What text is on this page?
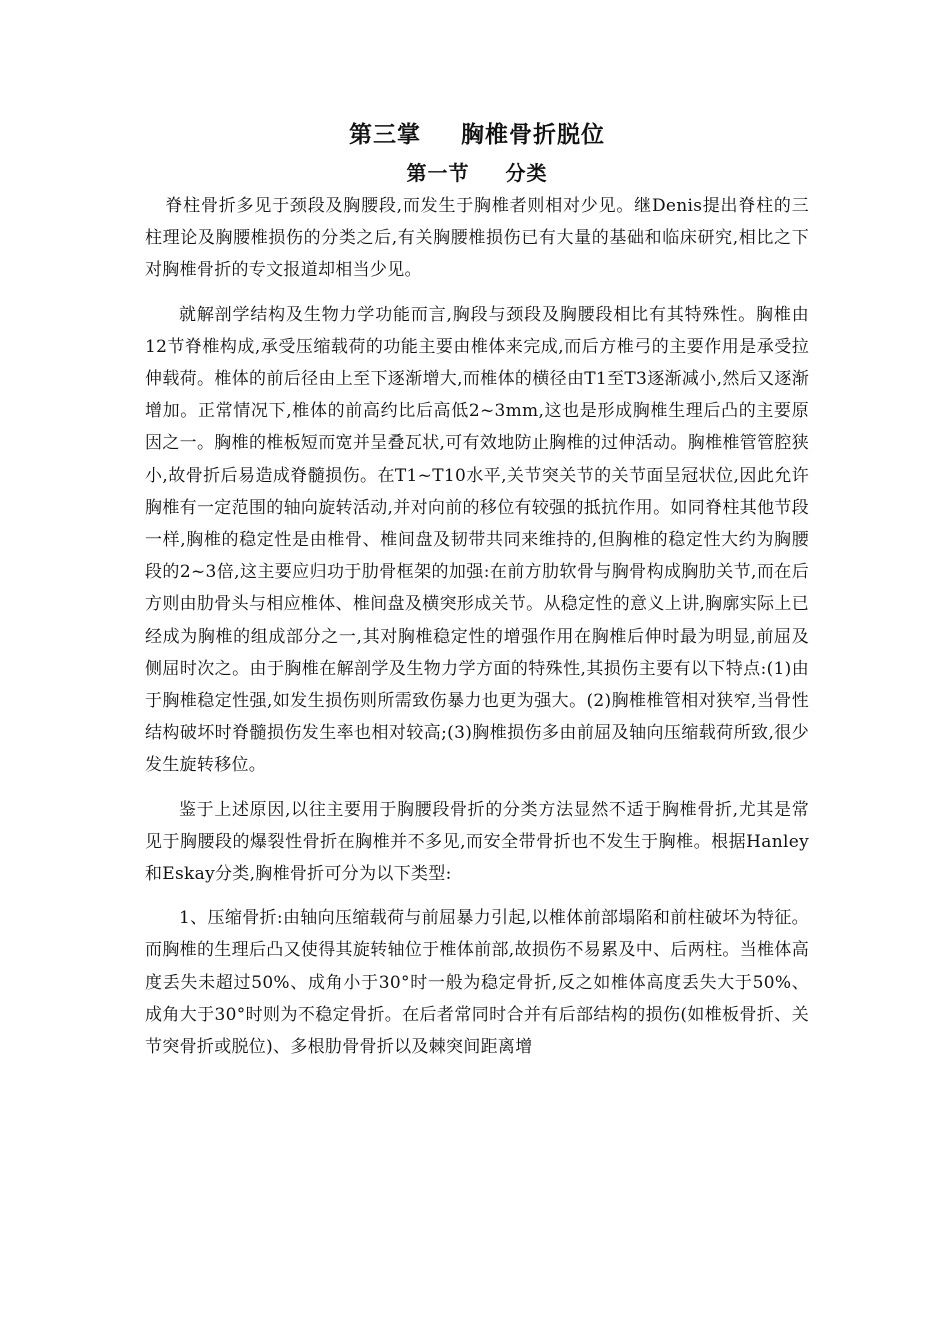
第三掌 胸椎骨折脱位
第一节 分类

脊柱骨折多见于颈段及胸腰段,而发生于胸椎者则相对少见。继Denis提出脊柱的三柱理论及胸腰椎损伤的分类之后,有关胸腰椎损伤已有大量的基础和临床研究,相比之下对胸椎骨折的专文报道却相当少见。

就解剖学结构及生物力学功能而言,胸段与颈段及胸腰段相比有其特殊性。胸椎由12节脊椎构成,承受压缩载荷的功能主要由椎体来完成,而后方椎弓的主要作用是承受拉伸载荷。椎体的前后径由上至下逐渐增大,而椎体的横径由T1至T3逐渐减小,然后又逐渐增加。正常情况下,椎体的前高约比后高低2~3mm,这也是形成胸椎生理后凸的主要原因之一。胸椎的椎板短而宽并呈叠瓦状,可有效地防止胸椎的过伸活动。胸椎椎管管腔狭小,故骨折后易造成脊髓损伤。在T1~T10水平,关节突关节的关节面呈冠状位,因此允许胸椎有一定范围的轴向旋转活动,并对向前的移位有较强的抵抗作用。如同脊柱其他节段一样,胸椎的稳定性是由椎骨、椎间盘及韧带共同来维持的,但胸椎的稳定性大约为胸腰段的2~3倍,这主要应归功于肋骨框架的加强:在前方肋软骨与胸骨构成胸肋关节,而在后方则由肋骨头与相应椎体、椎间盘及横突形成关节。从稳定性的意义上讲,胸廓实际上已经成为胸椎的组成部分之一,其对胸椎稳定性的增强作用在胸椎后伸时最为明显,前屈及侧屈时次之。由于胸椎在解剖学及生物力学方面的特殊性,其损伤主要有以下特点:(1)由于胸椎稳定性强,如发生损伤则所需致伤暴力也更为强大。(2)胸椎椎管相对狭窄,当骨性结构破坏时脊髓损伤发生率也相对较高;(3)胸椎损伤多由前屈及轴向压缩载荷所致,很少发生旋转移位。

鉴于上述原因,以往主要用于胸腰段骨折的分类方法显然不适于胸椎骨折,尤其是常见于胸腰段的爆裂性骨折在胸椎并不多见,而安全带骨折也不发生于胸椎。根据Hanley和Eskay分类,胸椎骨折可分为以下类型:

1、压缩骨折:由轴向压缩载荷与前屈暴力引起,以椎体前部塌陷和前柱破坏为特征。而胸椎的生理后凸又使得其旋转轴位于椎体前部,故损伤不易累及中、后两柱。当椎体高度丢失未超过50%、成角小于30°时一般为稳定骨折,反之如椎体高度丢失大于50%、成角大于30°时则为不稳定骨折。在后者常同时合并有后部结构的损伤(如椎板骨折、关节突骨折或脱位)、多根肋骨骨折以及棘突间距离增
